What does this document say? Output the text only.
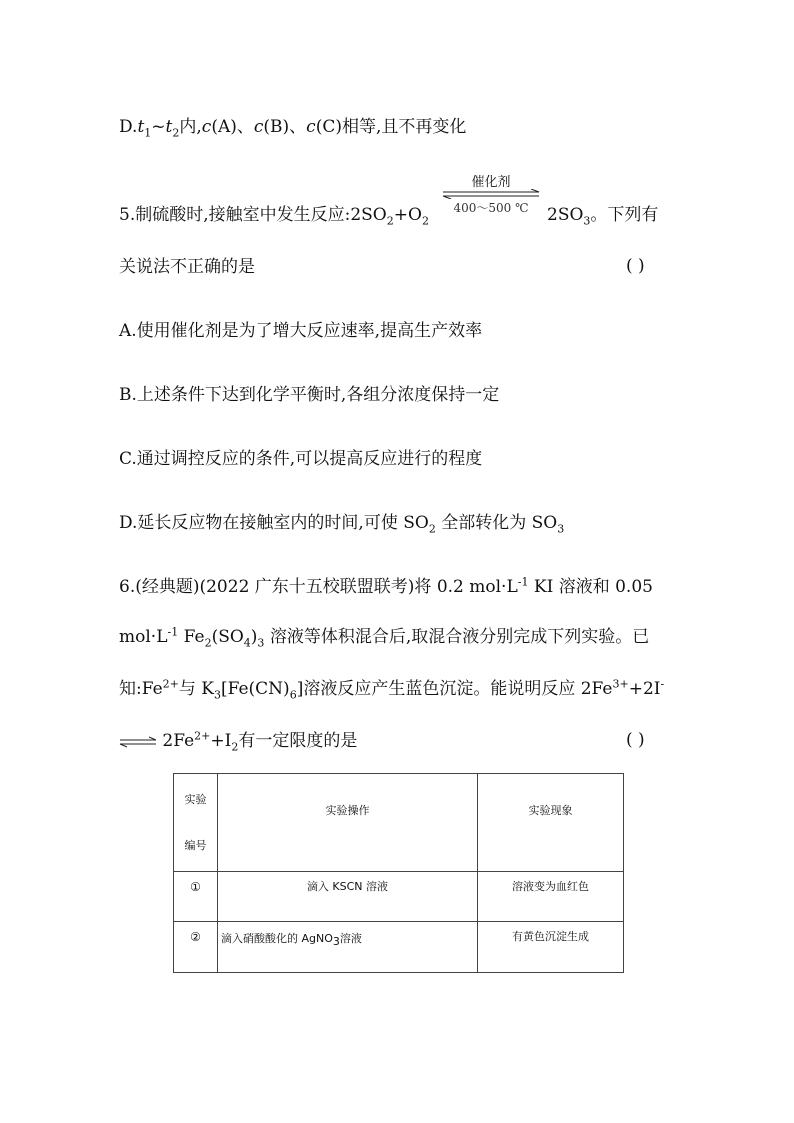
$D.t_1\sim t_2$内,c(A)、c(B)、c(C)相等,且不再变化
5.制硫酸时,接触室中发生反应$:2SO_2+O_2$
催化剂
400～500 ℃	$2SO_3$。下列有
关说法不正确的是	( )
A.使用催化剂是为了增大反应速率,提高生产效率
B.上述条件下达到化学平衡时,各组分浓度保持一定
C.通过调控反应的条件,可以提高反应进行的程度
D.延长反应物在接触室内的时间,可使 $SO_2$ 全部转化为 $SO_3$
6.(经典题)(2022 广东十五校联盟联考)将 0.2 $mol\cdot L^{-1}$ KI 溶液和 0.05
$mol\cdot L^{-1}$ $Fe_2(SO_4)_3$ 溶液等体积混合后,取混合液分别完成下列实验。已
知$:Fe^{2+}$与 $K_3[Fe(CN)_6]$溶液反应产生蓝色沉淀。能说明反应 $2Fe^{3+}+2I^-$
⇌ $2Fe^{2+}+I_2$有一定限度的是	( )
实验
编号	实验操作	实验现象
①	滴入 KSCN 溶液	溶液变为血红色
②	滴入硝酸酸化的 AgNO$_3$溶液	有黄色沉淀生成
